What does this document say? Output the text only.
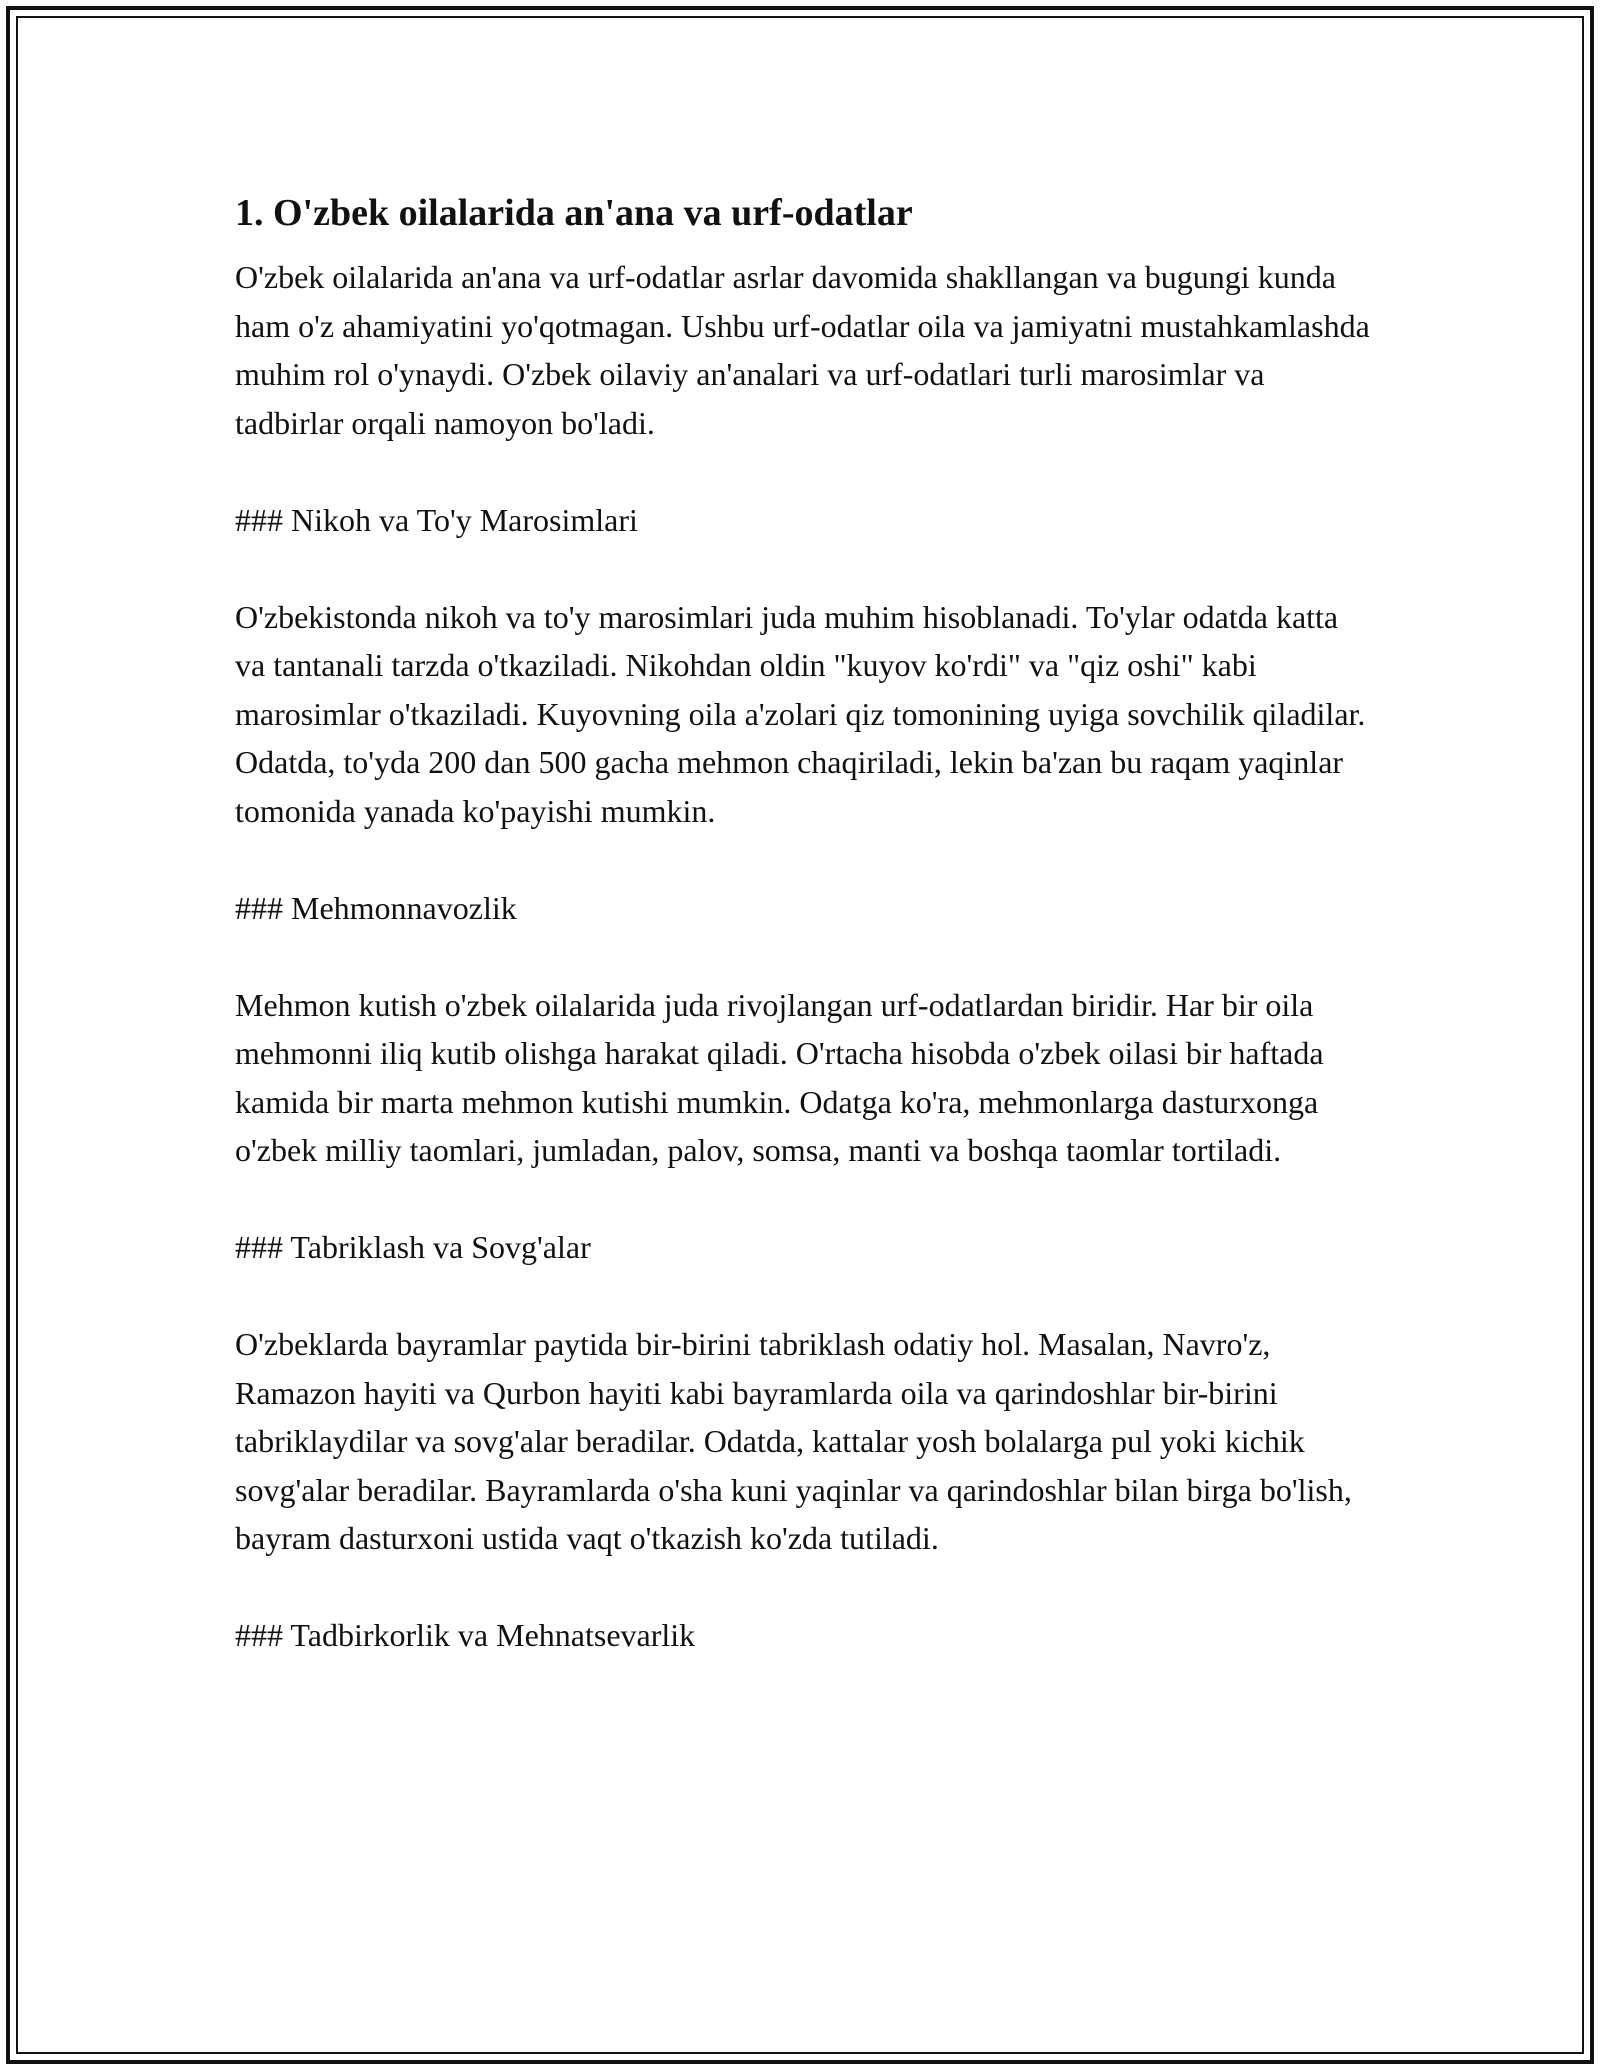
1. O'zbek oilalarida an'ana va urf-odatlar

O'zbek oilalarida an'ana va urf-odatlar asrlar davomida shakllangan va bugungi kunda ham o'z ahamiyatini yo'qotmagan. Ushbu urf-odatlar oila va jamiyatni mustahkamlashda muhim rol o'ynaydi. O'zbek oilaviy an'analari va urf-odatlari turli marosimlar va tadbirlar orqali namoyon bo'ladi.

### Nikoh va To'y Marosimlari

O'zbekistonda nikoh va to'y marosimlari juda muhim hisoblanadi. To'ylar odatda katta va tantanali tarzda o'tkaziladi. Nikohdan oldin "kuyov ko'rdi" va "qiz oshi" kabi marosimlar o'tkaziladi. Kuyovning oila a'zolari qiz tomonining uyiga sovchilik qiladilar. Odatda, to'yda 200 dan 500 gacha mehmon chaqiriladi, lekin ba'zan bu raqam yaqinlar tomonida yanada ko'payishi mumkin.

### Mehmonnavozlik

Mehmon kutish o'zbek oilalarida juda rivojlangan urf-odatlardan biridir. Har bir oila mehmonni iliq kutib olishga harakat qiladi. O'rtacha hisobda o'zbek oilasi bir haftada kamida bir marta mehmon kutishi mumkin. Odatga ko'ra, mehmonlarga dasturxonga o'zbek milliy taomlari, jumladan, palov, somsa, manti va boshqa taomlar tortiladi.

### Tabriklash va Sovg'alar

O'zbeklarda bayramlar paytida bir-birini tabriklash odatiy hol. Masalan, Navro'z, Ramazon hayiti va Qurbon hayiti kabi bayramlarda oila va qarindoshlar bir-birini tabriklaydilar va sovg'alar beradilar. Odatda, kattalar yosh bolalarga pul yoki kichik sovg'alar beradilar. Bayramlarda o'sha kuni yaqinlar va qarindoshlar bilan birga bo'lish, bayram dasturxoni ustida vaqt o'tkazish ko'zda tutiladi.

### Tadbirkorlik va Mehnatsevarlik
